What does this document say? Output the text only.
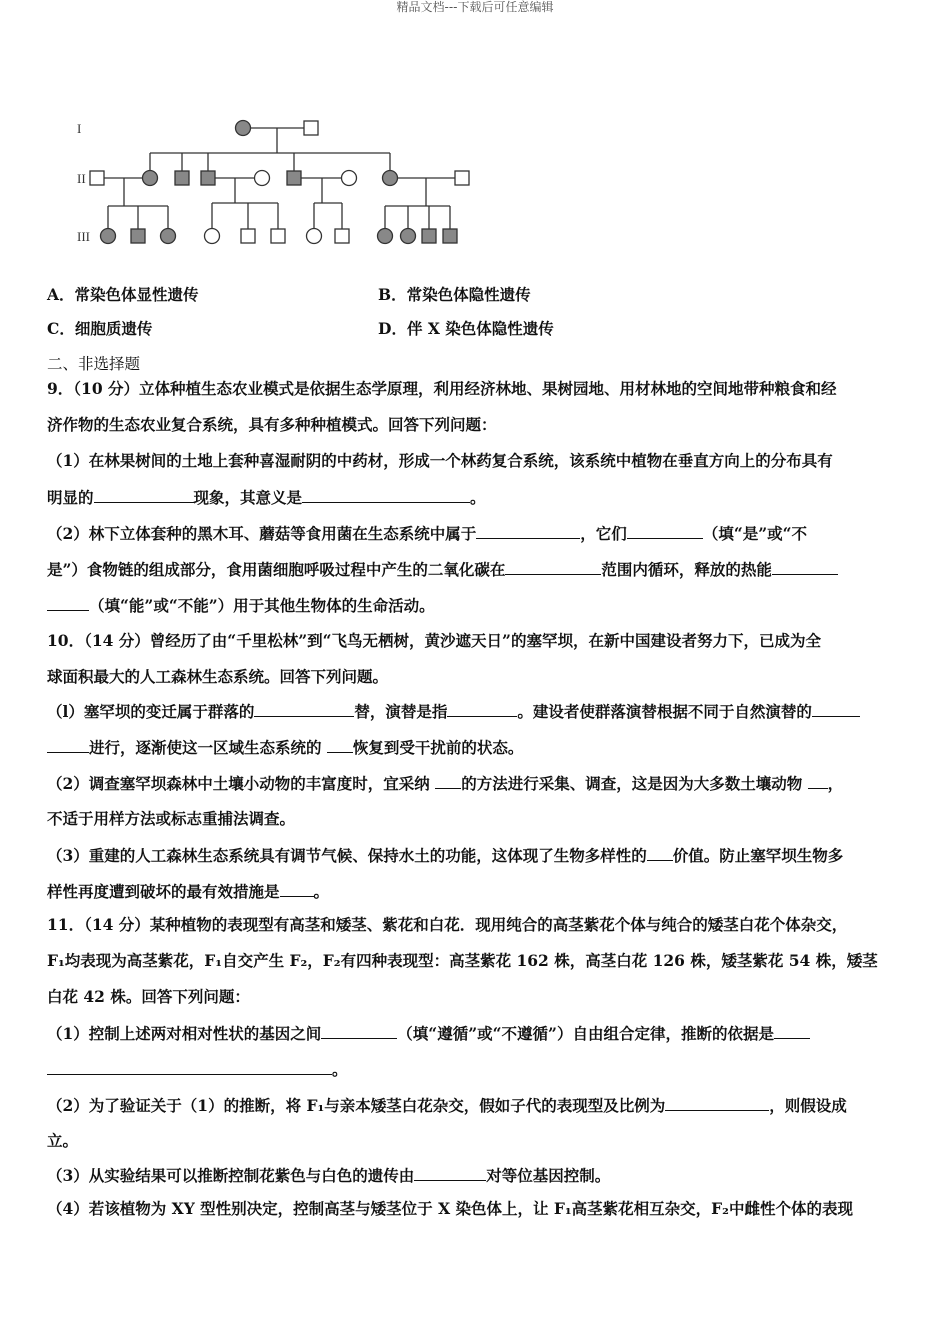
精品文档---下载后可任意编辑
I
II
III
A．常染色体显性遗传	B．常染色体隐性遗传
C．细胞质遗传	D．伴 X 染色体隐性遗传
二、非选择题
9．（10 分）立体种植生态农业模式是依据生态学原理，利用经济林地、果树园地、用材林地的空间地带种粮食和经
济作物的生态农业复合系统，具有多种种植模式。回答下列问题：
（1）在林果树间的土地上套种喜湿耐阴的中药材，形成一个林药复合系统，该系统中植物在垂直方向上的分布具有
明显的	现象，其意义是	。
（2）林下立体套种的黑木耳、蘑菇等食用菌在生态系统中属于	，它们	（填“是”或“不
是”）食物链的组成部分，食用菌细胞呼吸过程中产生的二氧化碳在	范围内循环，释放的热能
（填“能”或“不能”）用于其他生物体的生命活动。
10．（14 分）曾经历了由“千里松林”到“飞鸟无栖树，黄沙遮天日”的塞罕坝，在新中国建设者努力下，已成为全
球面积最大的人工森林生态系统。回答下列问题。
（l）塞罕坝的变迁属于群落的	替，演替是指	。建设者使群落演替根据不同于自然演替的
进行，逐渐使这一区域生态系统的 恢复到受干扰前的状态。
（2）调查塞罕坝森林中土壤小动物的丰富度时，宜采纳 的方法进行采集、调查，这是因为大多数土壤动物 ，
不适于用样方法或标志重捕法调查。
（3）重建的人工森林生态系统具有调节气候、保持水土的功能，这体现了生物多样性的 价值。防止塞罕坝生物多
样性再度遭到破坏的最有效措施是 。
11．（14 分）某种植物的表现型有高茎和矮茎、紫花和白花．现用纯合的高茎紫花个体与纯合的矮茎白花个体杂交，
F₁均表现为高茎紫花，F₁自交产生 F₂，F₂有四种表现型：高茎紫花 162 株，高茎白花 126 株，矮茎紫花 54 株，矮茎
白花 42 株。回答下列问题：
（1）控制上述两对相对性状的基因之间	（填“遵循”或“不遵循”）自由组合定律，推断的依据是
。
（2）为了验证关于（1）的推断，将 F₁与亲本矮茎白花杂交，假如子代的表现型及比例为	，则假设成
立。
（3）从实验结果可以推断控制花紫色与白色的遗传由	对等位基因控制。
（4）若该植物为 XY 型性别决定，控制高茎与矮茎位于 X 染色体上，让 F₁高茎紫花相互杂交，F₂中雌性个体的表现
